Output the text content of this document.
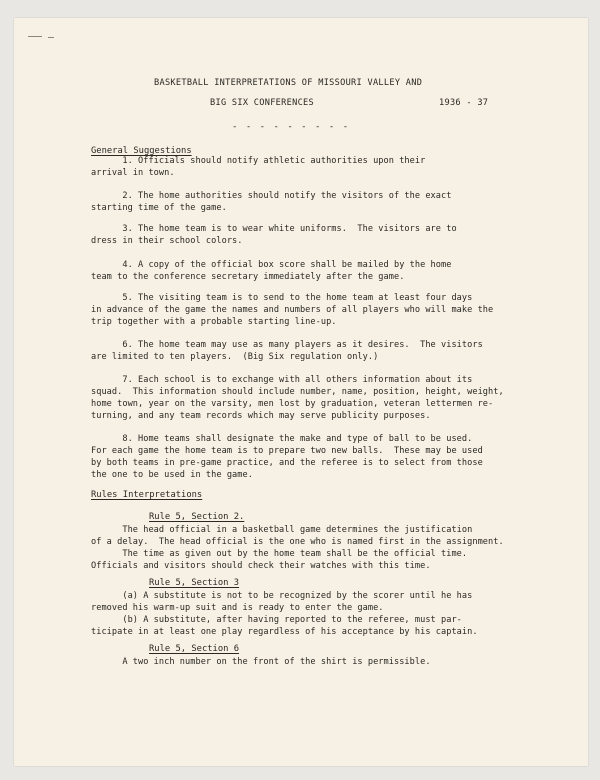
BASKETBALL INTERPRETATIONS OF MISSOURI VALLEY AND
BIG SIX CONFERENCES	1936 - 37
- - - - - - - - -
General Suggestions
1. Officials should notify athletic authorities upon their
arrival in town.
2. The home authorities should notify the visitors of the exact
starting time of the game.
3. The home team is to wear white uniforms.  The visitors are to
dress in their school colors.
4. A copy of the official box score shall be mailed by the home
team to the conference secretary immediately after the game.
5. The visiting team is to send to the home team at least four days
in advance of the game the names and numbers of all players who will make the
trip together with a probable starting line-up.
6. The home team may use as many players as it desires.  The visitors
are limited to ten players.  (Big Six regulation only.)
7. Each school is to exchange with all others information about its
squad.  This information should include number, name, position, height, weight,
home town, year on the varsity, men lost by graduation, veteran lettermen re-
turning, and any team records which may serve publicity purposes.
8. Home teams shall designate the make and type of ball to be used.
For each game the home team is to prepare two new balls.  These may be used
by both teams in pre-game practice, and the referee is to select from those
the one to be used in the game.
Rules Interpretations
Rule 5, Section 2.
The head official in a basketball game determines the justification
of a delay.  The head official is the one who is named first in the assignment.
The time as given out by the home team shall be the official time.
Officials and visitors should check their watches with this time.
Rule 5, Section 3
(a) A substitute is not to be recognized by the scorer until he has
removed his warm-up suit and is ready to enter the game.
(b) A substitute, after having reported to the referee, must par-
ticipate in at least one play regardless of his acceptance by his captain.
Rule 5, Section 6
A two inch number on the front of the shirt is permissible.
